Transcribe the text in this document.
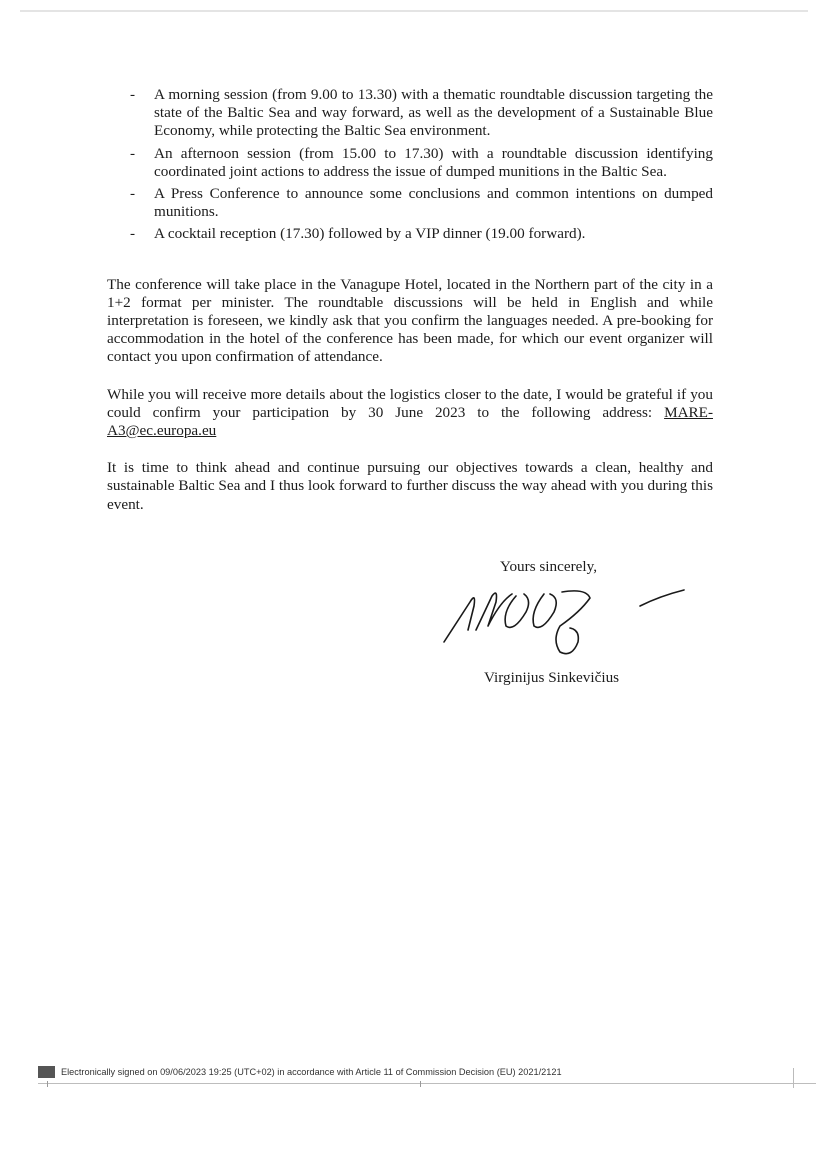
- A morning session (from 9.00 to 13.30) with a thematic roundtable discussion targeting the state of the Baltic Sea and way forward, as well as the development of a Sustainable Blue Economy, while protecting the Baltic Sea environment.
- An afternoon session (from 15.00 to 17.30) with a roundtable discussion identifying coordinated joint actions to address the issue of dumped munitions in the Baltic Sea.
- A Press Conference to announce some conclusions and common intentions on dumped munitions.
- A cocktail reception (17.30) followed by a VIP dinner (19.00 forward).

The conference will take place in the Vanagupe Hotel, located in the Northern part of the city in a 1+2 format per minister. The roundtable discussions will be held in English and while interpretation is foreseen, we kindly ask that you confirm the languages needed. A pre-booking for accommodation in the hotel of the conference has been made, for which our event organizer will contact you upon confirmation of attendance.

While you will receive more details about the logistics closer to the date, I would be grateful if you could confirm your participation by 30 June 2023 to the following address: MARE-A3@ec.europa.eu

It is time to think ahead and continue pursuing our objectives towards a clean, healthy and sustainable Baltic Sea and I thus look forward to further discuss the way ahead with you during this event.

Yours sincerely,
Virginijus Sinkevičius
Electronically signed on 09/06/2023 19:25 (UTC+02) in accordance with Article 11 of Commission Decision (EU) 2021/2121
